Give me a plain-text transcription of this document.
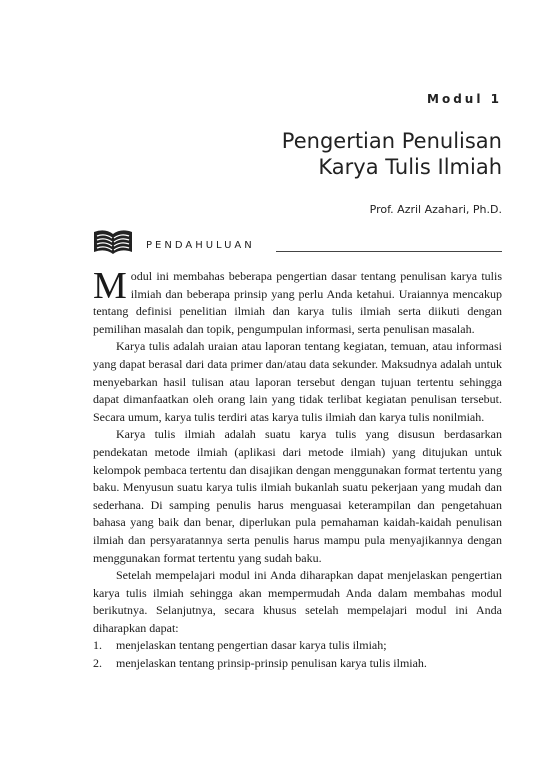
Modul 1
Pengertian Penulisan
Karya Tulis Ilmiah
Prof. Azril Azahari, Ph.D.
PENDAHULUAN

Modul ini membahas beberapa pengertian dasar tentang penulisan karya tulis ilmiah dan beberapa prinsip yang perlu Anda ketahui. Uraiannya mencakup tentang definisi penelitian ilmiah dan karya tulis ilmiah serta diikuti dengan pemilihan masalah dan topik, pengumpulan informasi, serta penulisan masalah.

Karya tulis adalah uraian atau laporan tentang kegiatan, temuan, atau informasi yang dapat berasal dari data primer dan/atau data sekunder. Maksudnya adalah untuk menyebarkan hasil tulisan atau laporan tersebut dengan tujuan tertentu sehingga dapat dimanfaatkan oleh orang lain yang tidak terlibat kegiatan penulisan tersebut. Secara umum, karya tulis terdiri atas karya tulis ilmiah dan karya tulis nonilmiah.

Karya tulis ilmiah adalah suatu karya tulis yang disusun berdasarkan pendekatan metode ilmiah (aplikasi dari metode ilmiah) yang ditujukan untuk kelompok pembaca tertentu dan disajikan dengan menggunakan format tertentu yang baku. Menyusun suatu karya tulis ilmiah bukanlah suatu pekerjaan yang mudah dan sederhana. Di samping penulis harus menguasai keterampilan dan pengetahuan bahasa yang baik dan benar, diperlukan pula pemahaman kaidah-kaidah penulisan ilmiah dan persyaratannya serta penulis harus mampu pula menyajikannya dengan menggunakan format tertentu yang sudah baku.

Setelah mempelajari modul ini Anda diharapkan dapat menjelaskan pengertian karya tulis ilmiah sehingga akan mempermudah Anda dalam membahas modul berikutnya. Selanjutnya, secara khusus setelah mempelajari modul ini Anda diharapkan dapat:

1. menjelaskan tentang pengertian dasar karya tulis ilmiah;
2. menjelaskan tentang prinsip-prinsip penulisan karya tulis ilmiah.
